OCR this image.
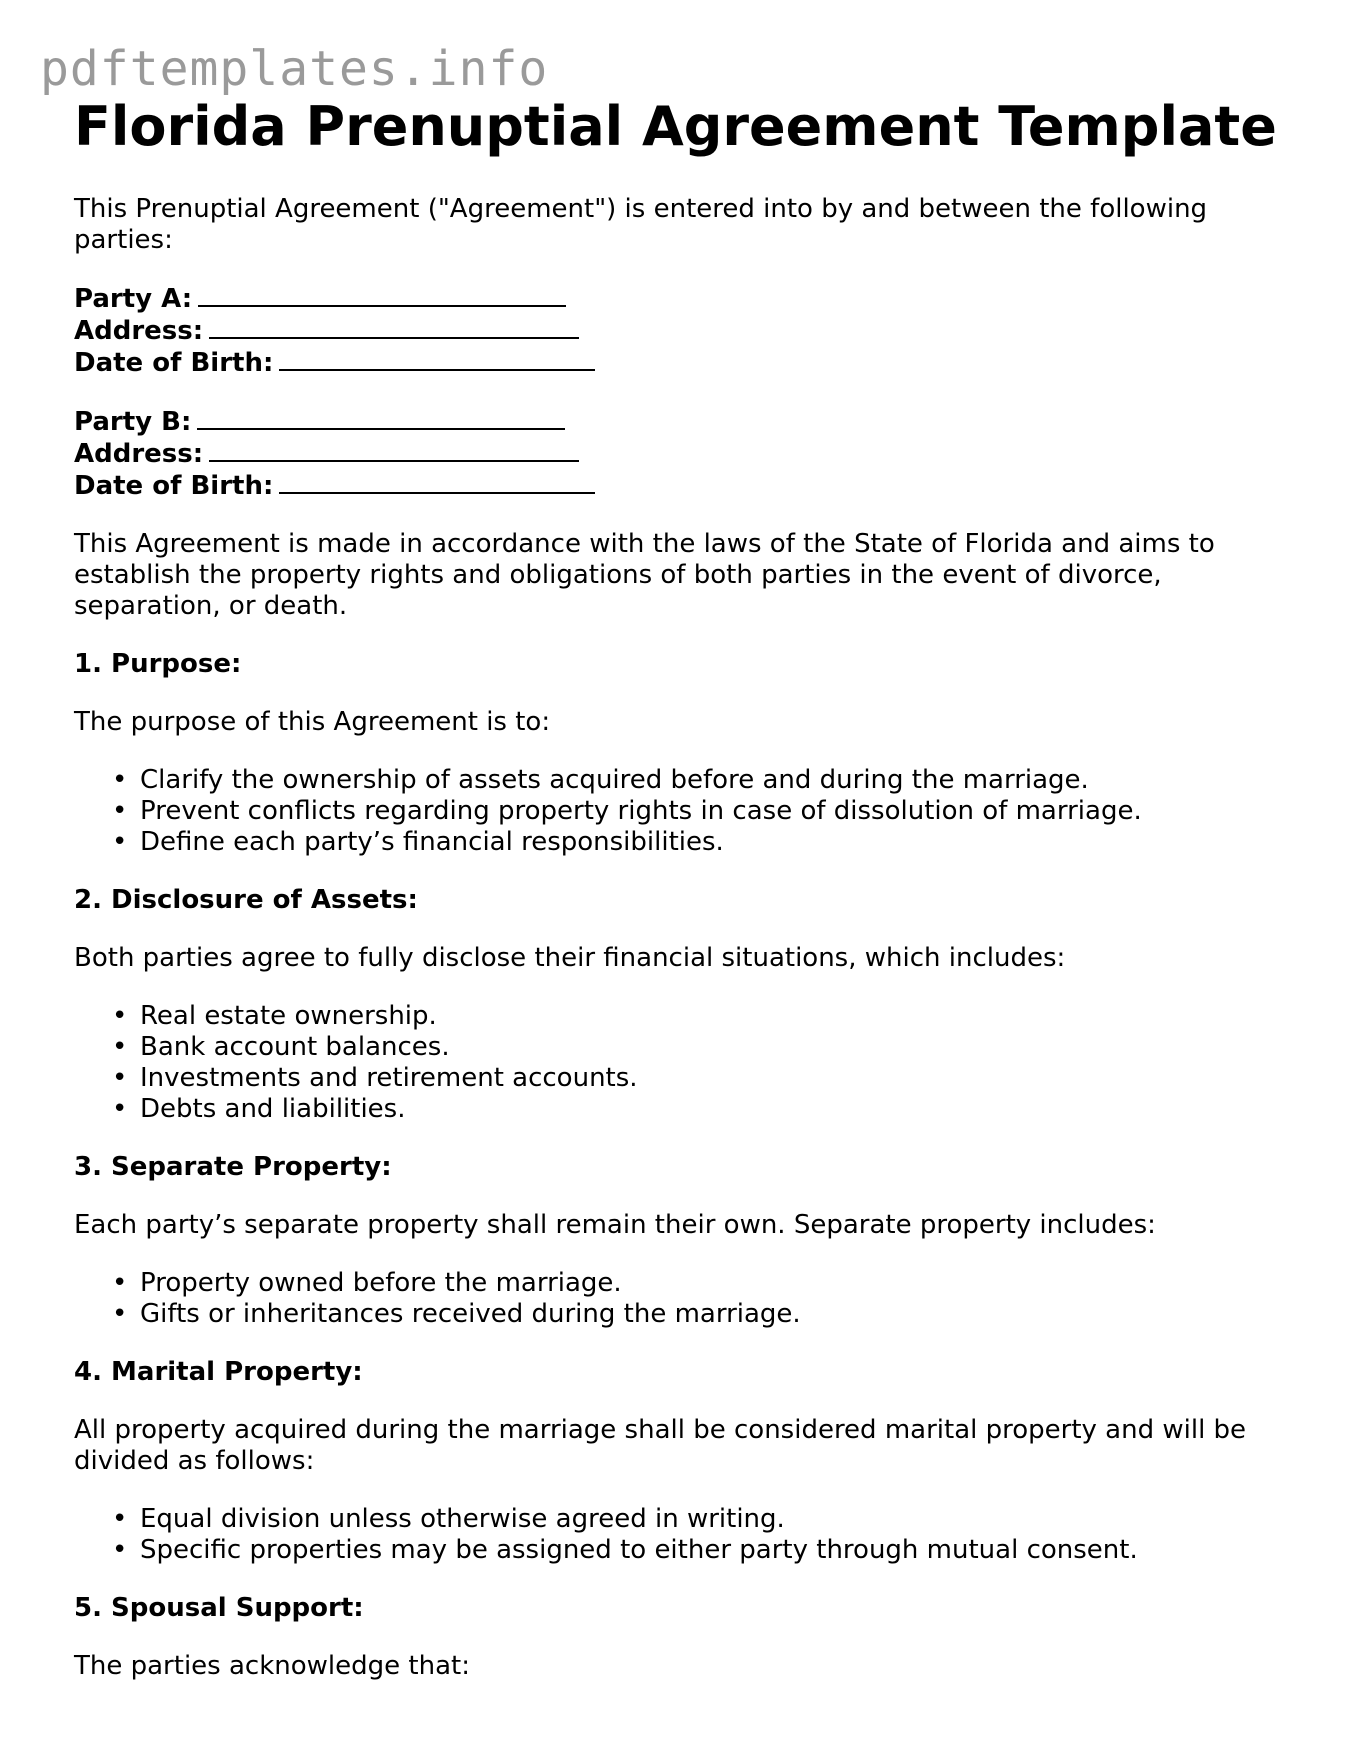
pdftemplates.info
Florida Prenuptial Agreement Template

This Prenuptial Agreement ("Agreement") is entered into by and between the following parties:

Party A:
Address:
Date of Birth:
Party B:
Address:
Date of Birth:

This Agreement is made in accordance with the laws of the State of Florida and aims to establish the property rights and obligations of both parties in the event of divorce, separation, or death.

1. Purpose:

The purpose of this Agreement is to:

• Clarify the ownership of assets acquired before and during the marriage.
• Prevent conflicts regarding property rights in case of dissolution of marriage.
• Define each party’s financial responsibilities.
2. Disclosure of Assets:

Both parties agree to fully disclose their financial situations, which includes:

• Real estate ownership.
• Bank account balances.
• Investments and retirement accounts.
• Debts and liabilities.
3. Separate Property:

Each party’s separate property shall remain their own. Separate property includes:

• Property owned before the marriage.
• Gifts or inheritances received during the marriage.
4. Marital Property:

All property acquired during the marriage shall be considered marital property and will be divided as follows:

• Equal division unless otherwise agreed in writing.
• Specific properties may be assigned to either party through mutual consent.
5. Spousal Support:

The parties acknowledge that:
